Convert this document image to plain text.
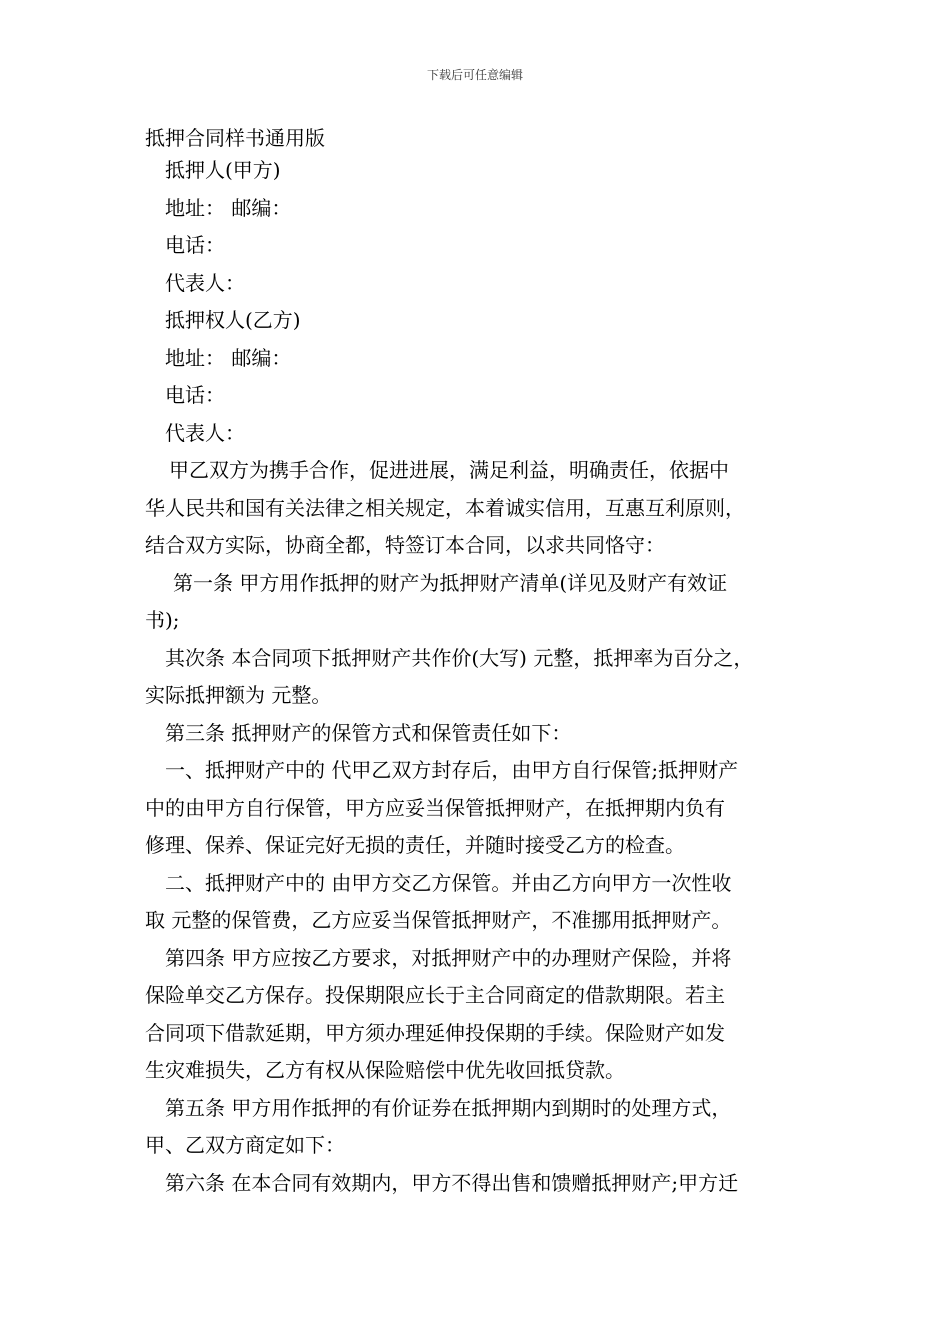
下载后可任意编辑
抵押合同样书通用版
抵押人(甲方)
地址： 邮编：
电话：
代表人：
抵押权人(乙方)
地址： 邮编：
电话：
代表人：
甲乙双方为携手合作，促进进展，满足利益，明确责任，依据中
华人民共和国有关法律之相关规定，本着诚实信用，互惠互利原则，
结合双方实际，协商全都，特签订本合同，以求共同恪守：
第一条 甲方用作抵押的财产为抵押财产清单(详见及财产有效证
书);
其次条 本合同项下抵押财产共作价(大写) 元整，抵押率为百分之，
实际抵押额为 元整。
第三条 抵押财产的保管方式和保管责任如下：
一、抵押财产中的 代甲乙双方封存后，由甲方自行保管;抵押财产
中的由甲方自行保管，甲方应妥当保管抵押财产，在抵押期内负有
修理、保养、保证完好无损的责任，并随时接受乙方的检查。
二、抵押财产中的 由甲方交乙方保管。并由乙方向甲方一次性收
取 元整的保管费，乙方应妥当保管抵押财产，不准挪用抵押财产。
第四条 甲方应按乙方要求，对抵押财产中的办理财产保险，并将
保险单交乙方保存。投保期限应长于主合同商定的借款期限。若主
合同项下借款延期，甲方须办理延伸投保期的手续。保险财产如发
生灾难损失，乙方有权从保险赔偿中优先收回抵贷款。
第五条 甲方用作抵押的有价证券在抵押期内到期时的处理方式，
甲、乙双方商定如下：
第六条 在本合同有效期内，甲方不得出售和馈赠抵押财产;甲方迁
